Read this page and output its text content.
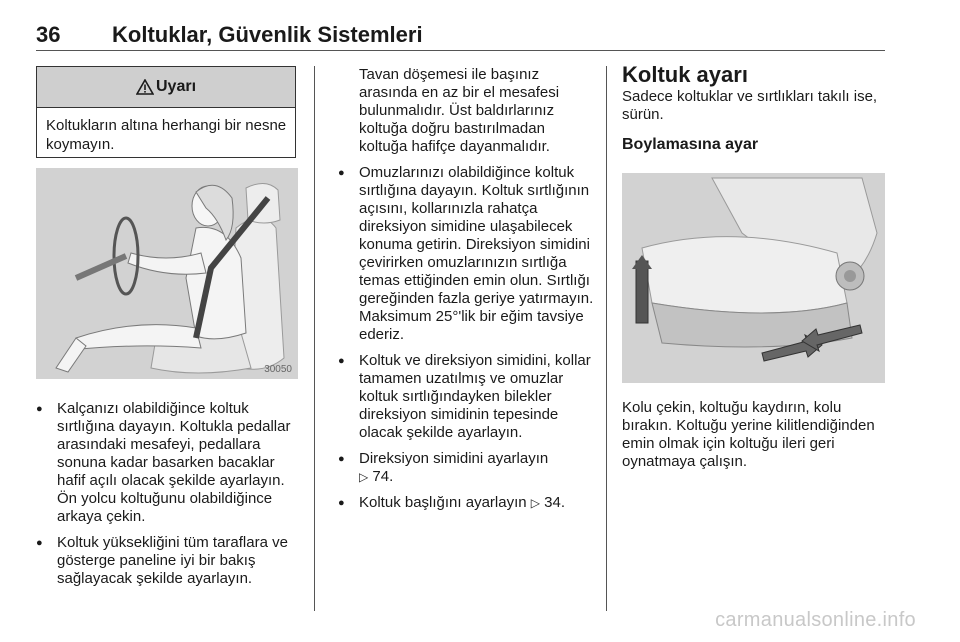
36 Koltuklar, Güvenlik Sistemleri
Uyarı
Koltukların altına herhangi bir nesne koymayın.
30050
● Kalçanızı olabildiğince koltuk sırtlığına dayayın. Koltukla pedallar arasındaki mesafeyi, pedallara sonuna kadar basarken bacaklar hafif açılı olacak şekilde ayarlayın. Ön yolcu koltuğunu olabildiğince arkaya çekin.
● Koltuk yüksekliğini tüm taraflara ve gösterge paneline iyi bir bakış sağlayacak şekilde ayarlayın.
Tavan döşemesi ile başınız arasında en az bir el mesafesi bulunmalıdır. Üst baldırlarınız koltuğa doğru bastırılmadan koltuğa hafifçe dayanmalıdır.
● Omuzlarınızı olabildiğince koltuk sırtlığına dayayın. Koltuk sırtlığının açısını, kollarınızla rahatça direksiyon simidine ulaşabilecek konuma getirin. Direksiyon simidini çevirirken omuzlarınızın sırtlığa temas ettiğinden emin olun. Sırtlığı gereğinden fazla geriye yatırmayın. Maksimum 25°'lik bir eğim tavsiye ederiz.
● Koltuk ve direksiyon simidini, kollar tamamen uzatılmış ve omuzlar koltuk sırtlığındayken bilekler direksiyon simidinin tepesinde olacak şekilde ayarlayın.
● Direksiyon simidini ayarlayın
▷ 74.
● Koltuk başlığını ayarlayın ▷ 34.
Koltuk ayarı
Sadece koltuklar ve sırtlıkları takılı ise, sürün.
Boylamasına ayar
Kolu çekin, koltuğu kaydırın, kolu bırakın. Koltuğu yerine kilitlendiğinden emin olmak için koltuğu ileri geri oynatmaya çalışın.
carmanualsonline.info
